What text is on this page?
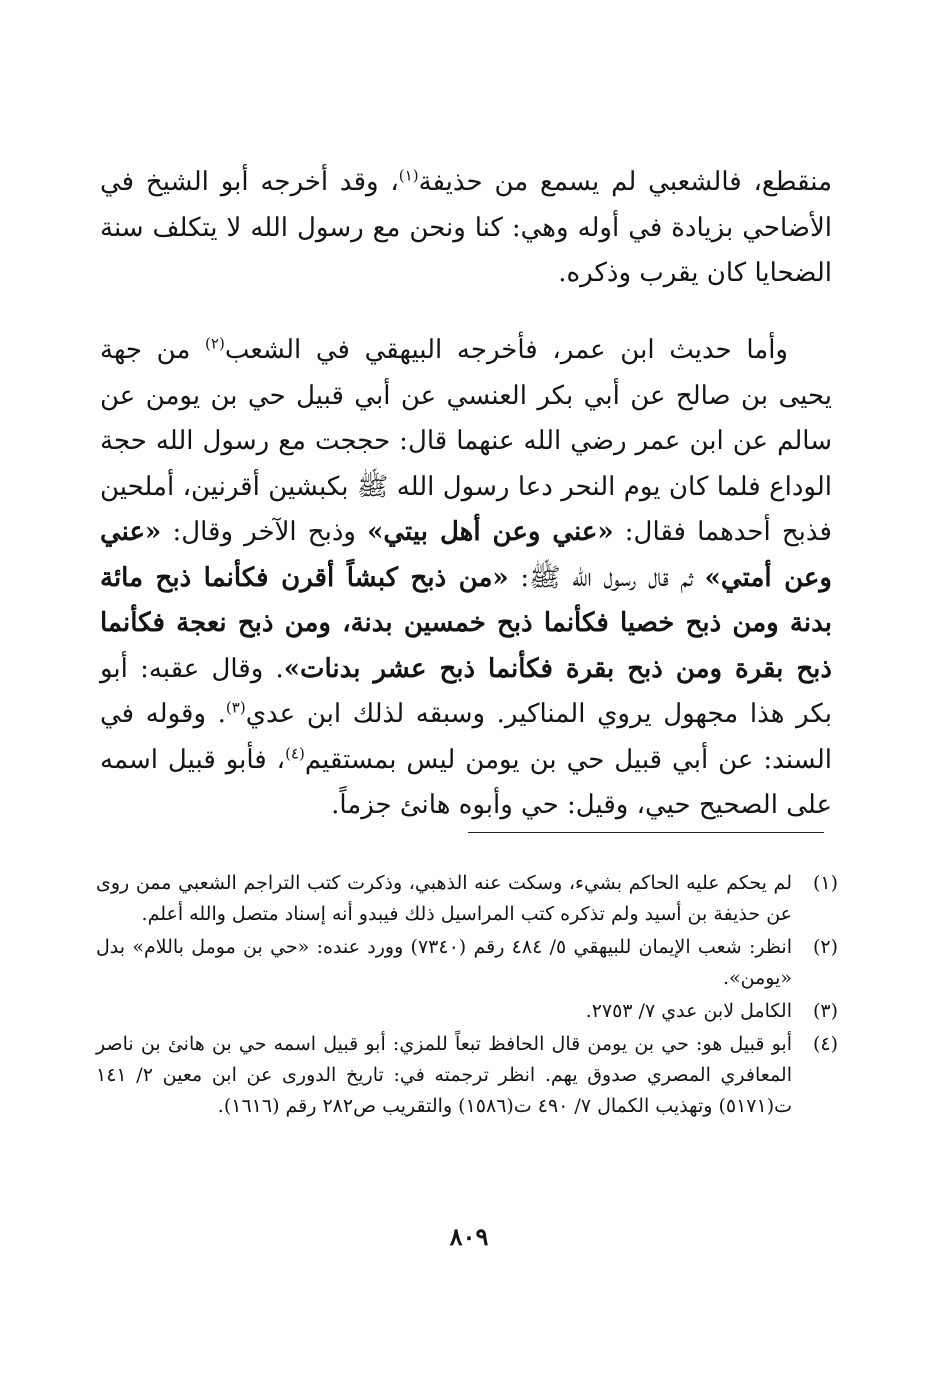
منقطع، فالشعبي لم يسمع من حذيفة$^{(١)}$، وقد أخرجه أبو الشيخ في الأضاحي بزيادة في أوله وهي: كنا ونحن مع رسول الله لا يتكلف سنة الضحايا كان يقرب وذكره.

وأما حديث ابن عمر، فأخرجه البيهقي في الشعب$^{(٢)}$ من جهة يحيى بن صالح عن أبي بكر العنسي عن أبي قبيل حي بن يومن عن سالم عن ابن عمر رضي الله عنهما قال: حججت مع رسول الله حجة الوداع فلما كان يوم النحر دعا رسول الله ﷺ بكبشين أقرنين، أملحين فذبح أحدهما فقال: «عني وعن أهل بيتي» وذبح الآخر وقال: «عني وعن أمتي» ثم قال رسول الله ﷺ: «من ذبح كبشاً أقرن فكأنما ذبح مائة بدنة ومن ذبح خصيا فكأنما ذبح خمسين بدنة، ومن ذبح نعجة فكأنما ذبح بقرة ومن ذبح بقرة فكأنما ذبح عشر بدنات». وقال عقبه: أبو بكر هذا مجهول يروي المناكير. وسبقه لذلك ابن عدي$^{(٣)}$. وقوله في السند: عن أبي قبيل حي بن يومن ليس بمستقيم$^{(٤)}$، فأبو قبيل اسمه على الصحيح حيي، وقيل: حي وأبوه هانئ جزماً.

(١)
لم يحكم عليه الحاكم بشيء، وسكت عنه الذهبي، وذكرت كتب التراجم الشعبي ممن روى عن حذيفة بن أسيد ولم تذكره كتب المراسيل ذلك فيبدو أنه إسناد متصل والله أعلم.
(٢)
انظر: شعب الإيمان للبيهقي ٥/ ٤٨٤ رقم (٧٣٤٠) وورد عنده: «حي بن مومل باللام» بدل «يومن».
(٣)
الكامل لابن عدي ٧/ ٢٧٥٣.
(٤)
أبو قبيل هو: حي بن يومن قال الحافظ تبعاً للمزي: أبو قبيل اسمه حي بن هانئ بن ناصر المعافري المصري صدوق يهم. انظر ترجمته في: تاريخ الدورى عن ابن معين ٢/ ١٤١ ت(٥١٧١) وتهذيب الكمال ٧/ ٤٩٠ ت(١٥٨٦) والتقريب ص٢٨٢ رقم (١٦١٦).
٨٠٩
